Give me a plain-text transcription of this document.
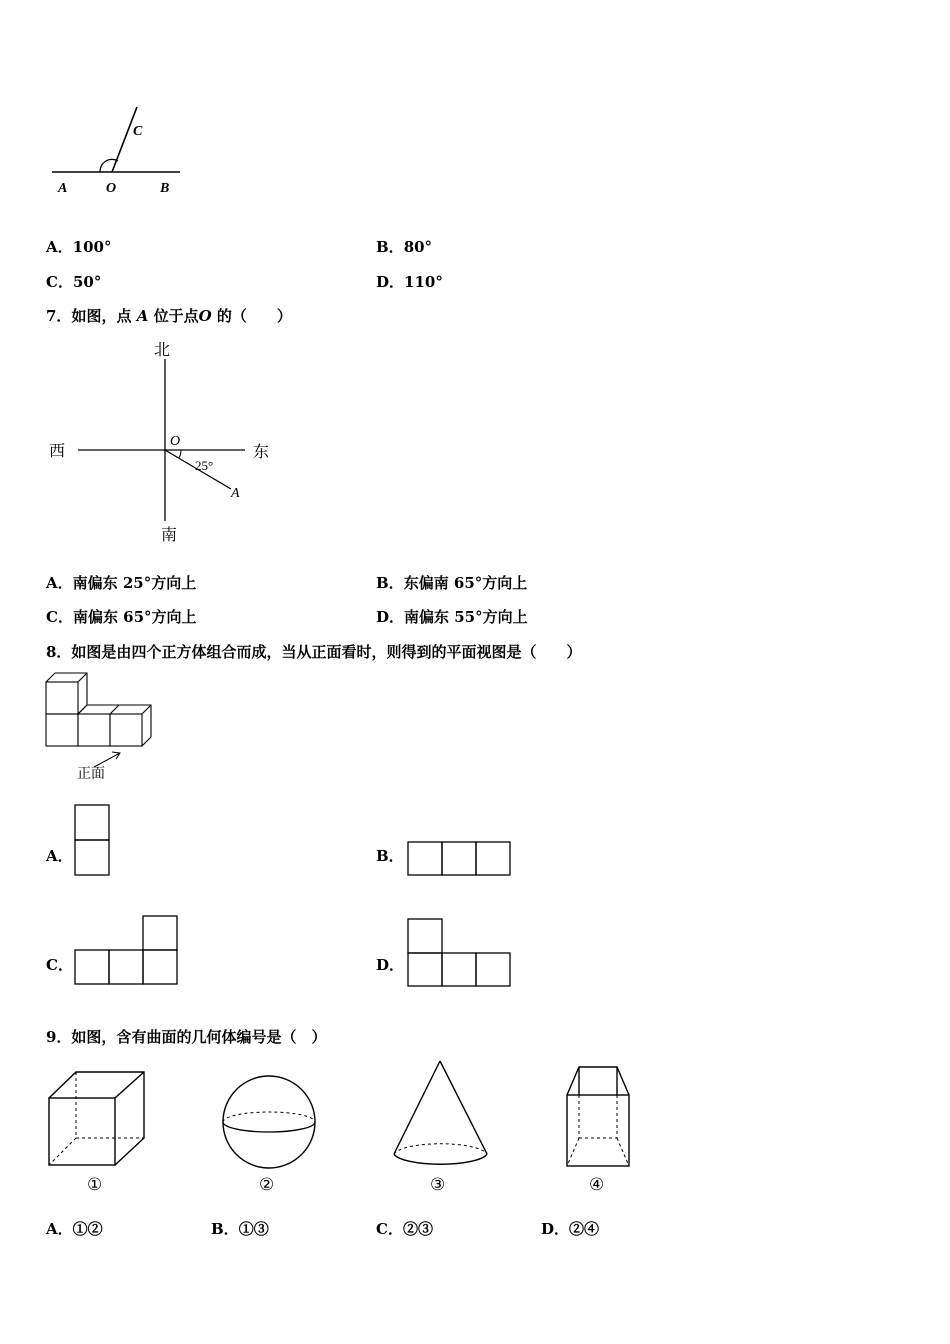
C
A	O	B
A．100°	B．80°
C．50°	D．110°
7．如图，点 A 位于点O 的（　　）
北
南
西	东
O
25°
A
A．南偏东 25°方向上	B．东偏南 65°方向上
C．南偏东 65°方向上	D．南偏东 55°方向上
8．如图是由四个正方体组合而成，当从正面看时，则得到的平面视图是（　　）
正面
A．	B．
C．	D．
9．如图，含有曲面的几何体编号是（　）
①	②	③	④
A．①②	B．①③	C．②③	D．②④
